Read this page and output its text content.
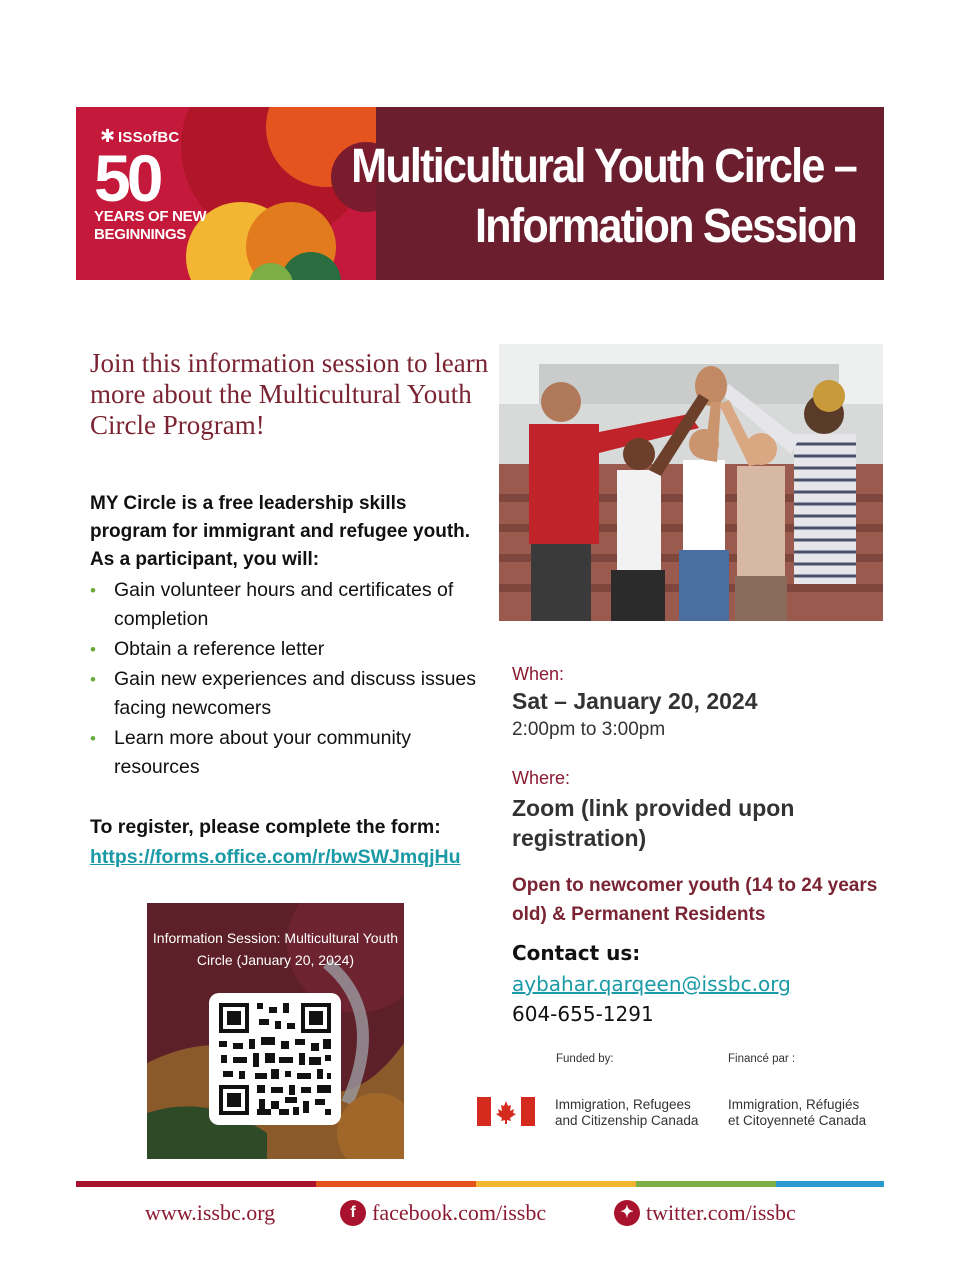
✱ ISSofBC
50
YEARS OF NEW
BEGINNINGS
Multicultural Youth Circle –
Information Session
Join this information session to learn more about the Multicultural Youth Circle Program!
MY Circle is a free leadership skills program for immigrant and refugee youth. As a participant, you will:
• Gain volunteer hours and certificates of completion
• Obtain a reference letter
• Gain new experiences and discuss issues facing newcomers
• Learn more about your community resources
To register, please complete the form:
https://forms.office.com/r/bwSWJmqjHu
Information Session: Multicultural Youth Circle (January 20, 2024)
When:
Sat – January 20, 2024
2:00pm to 3:00pm
Where:
Zoom (link provided upon registration)
Open to newcomer youth (14 to 24 years old) & Permanent Residents
Contact us:
aybahar.qarqeen@issbc.org
604-655-1291
Funded by:	Financé par :
Immigration, Refugees
and Citizenship Canada
Immigration, Réfugiés
et Citoyenneté Canada
www.issbc.org	f facebook.com/issbc	✦ twitter.com/issbc
